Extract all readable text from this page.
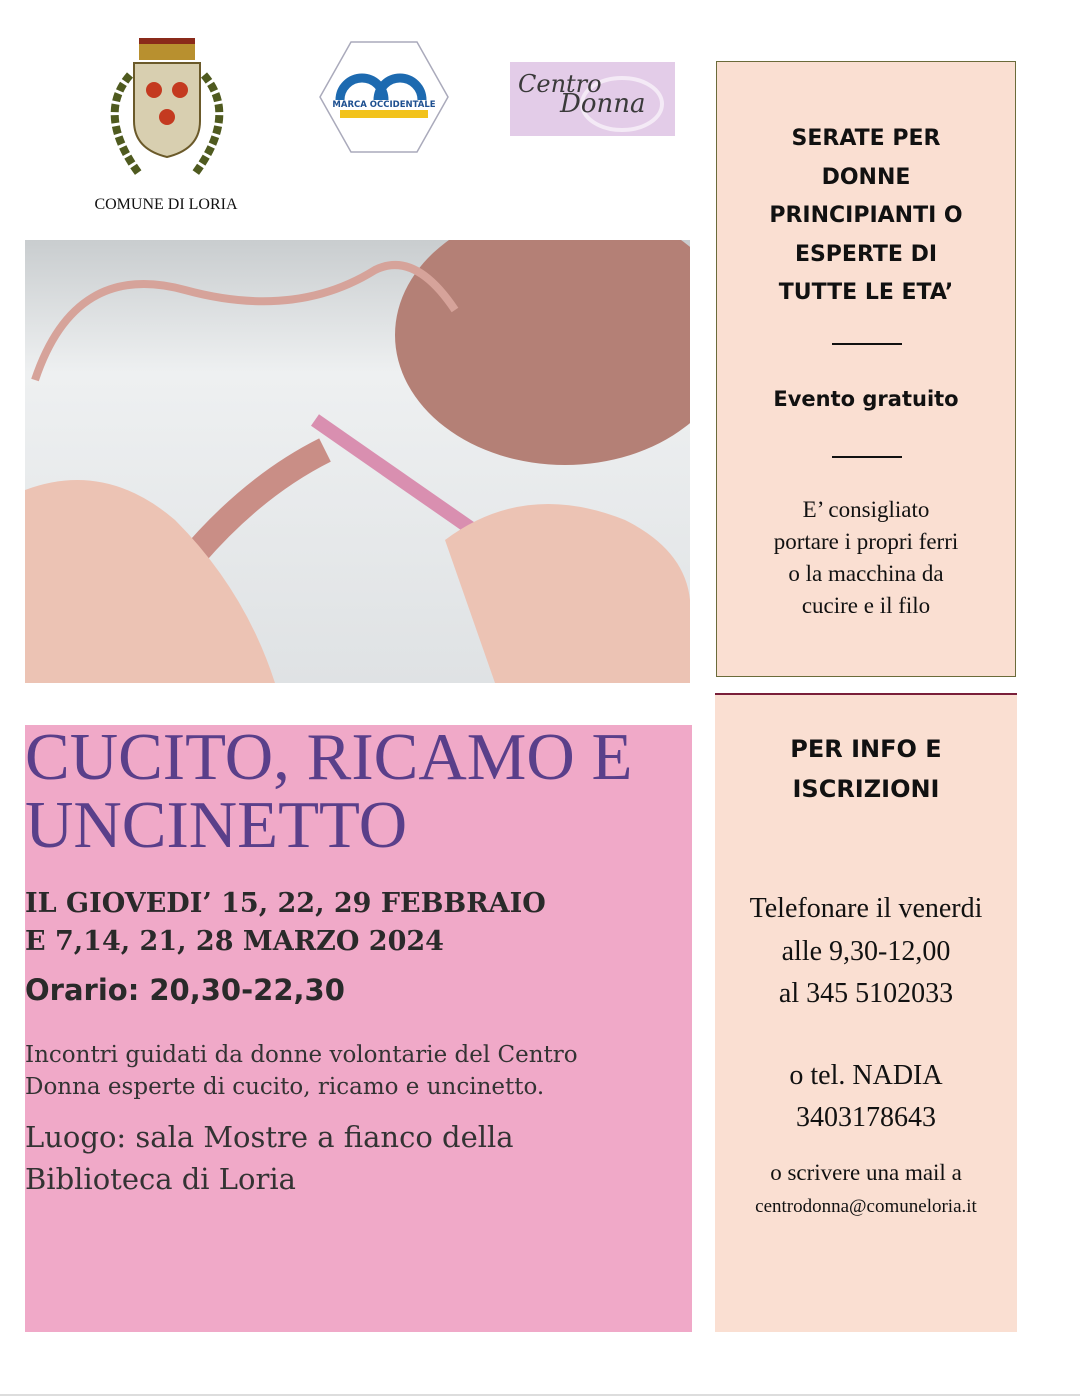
COMUNE DI LORIA
MARCA OCCIDENTALE
Centro
Donna
SERATE PER
DONNE
PRINCIPIANTI O
ESPERTE DI
TUTTE LE ETA’
Evento gratuito
E’ consigliato
portare i propri ferri
o la macchina da
cucire e il filo
CUCITO, RICAMO E
UNCINETTO
IL GIOVEDI’ 15, 22, 29 FEBBRAIO
E 7,14, 21, 28 MARZO 2024
Orario: 20,30-22,30
Incontri guidati da donne volontarie del Centro
Donna esperte di cucito, ricamo e uncinetto.
Luogo: sala Mostre a fianco della
Biblioteca di Loria
PER INFO E
ISCRIZIONI
Telefonare il venerdi
alle 9,30-12,00
al 345 5102033
o tel. NADIA
3403178643
o scrivere una mail a
centrodonna@comuneloria.it
